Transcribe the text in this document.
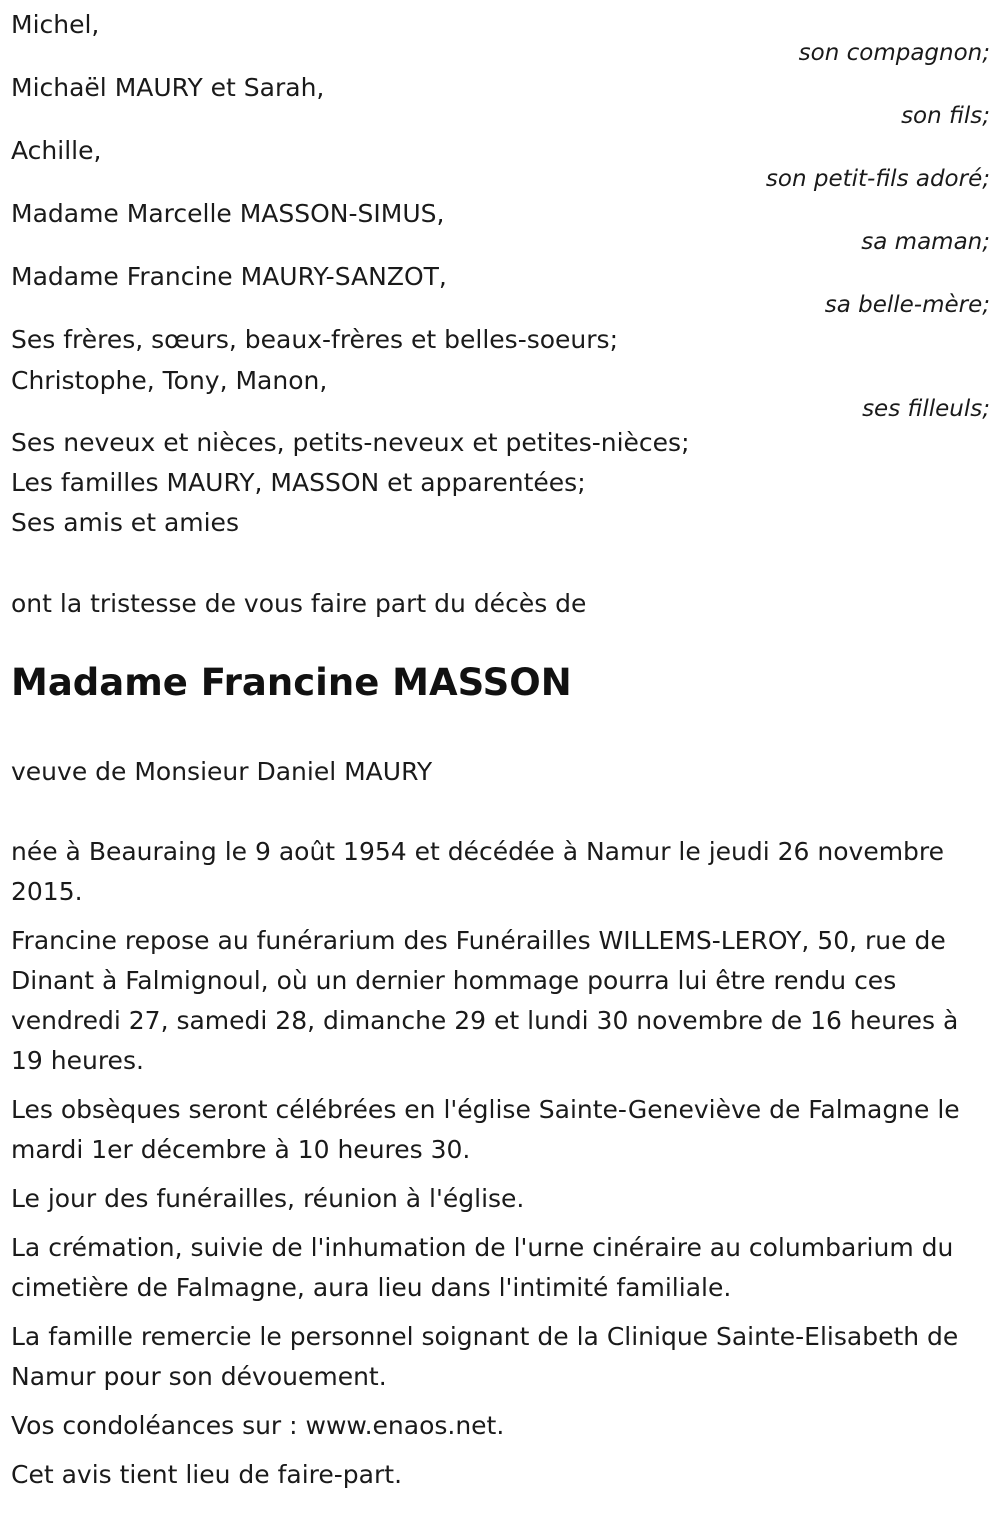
Michel,
son compagnon;
Michaël MAURY et Sarah,
son fils;
Achille,
son petit-fils adoré;
Madame Marcelle MASSON-SIMUS,
sa maman;
Madame Francine MAURY-SANZOT,
sa belle-mère;
Ses frères, sœurs, beaux-frères et belles-soeurs;
Christophe, Tony, Manon,
ses filleuls;
Ses neveux et nièces, petits-neveux et petites-nièces;
Les familles MAURY, MASSON et apparentées;
Ses amis et amies
ont la tristesse de vous faire part du décès de
Madame Francine MASSON
veuve de Monsieur Daniel MAURY

née à Beauraing le 9 août 1954 et décédée à Namur le jeudi 26 novembre 2015.

Francine repose au funérarium des Funérailles WILLEMS-LEROY, 50, rue de Dinant à Falmignoul, où un dernier hommage pourra lui être rendu ces vendredi 27, samedi 28, dimanche 29 et lundi 30 novembre de 16 heures à 19 heures.

Les obsèques seront célébrées en l'église Sainte-Geneviève de Falmagne le mardi 1er décembre à 10 heures 30.

Le jour des funérailles, réunion à l'église.

La crémation, suivie de l'inhumation de l'urne cinéraire au columbarium du cimetière de Falmagne, aura lieu dans l'intimité familiale.

La famille remercie le personnel soignant de la Clinique Sainte-Elisabeth de Namur pour son dévouement.

Vos condoléances sur : www.enaos.net.

Cet avis tient lieu de faire-part.
